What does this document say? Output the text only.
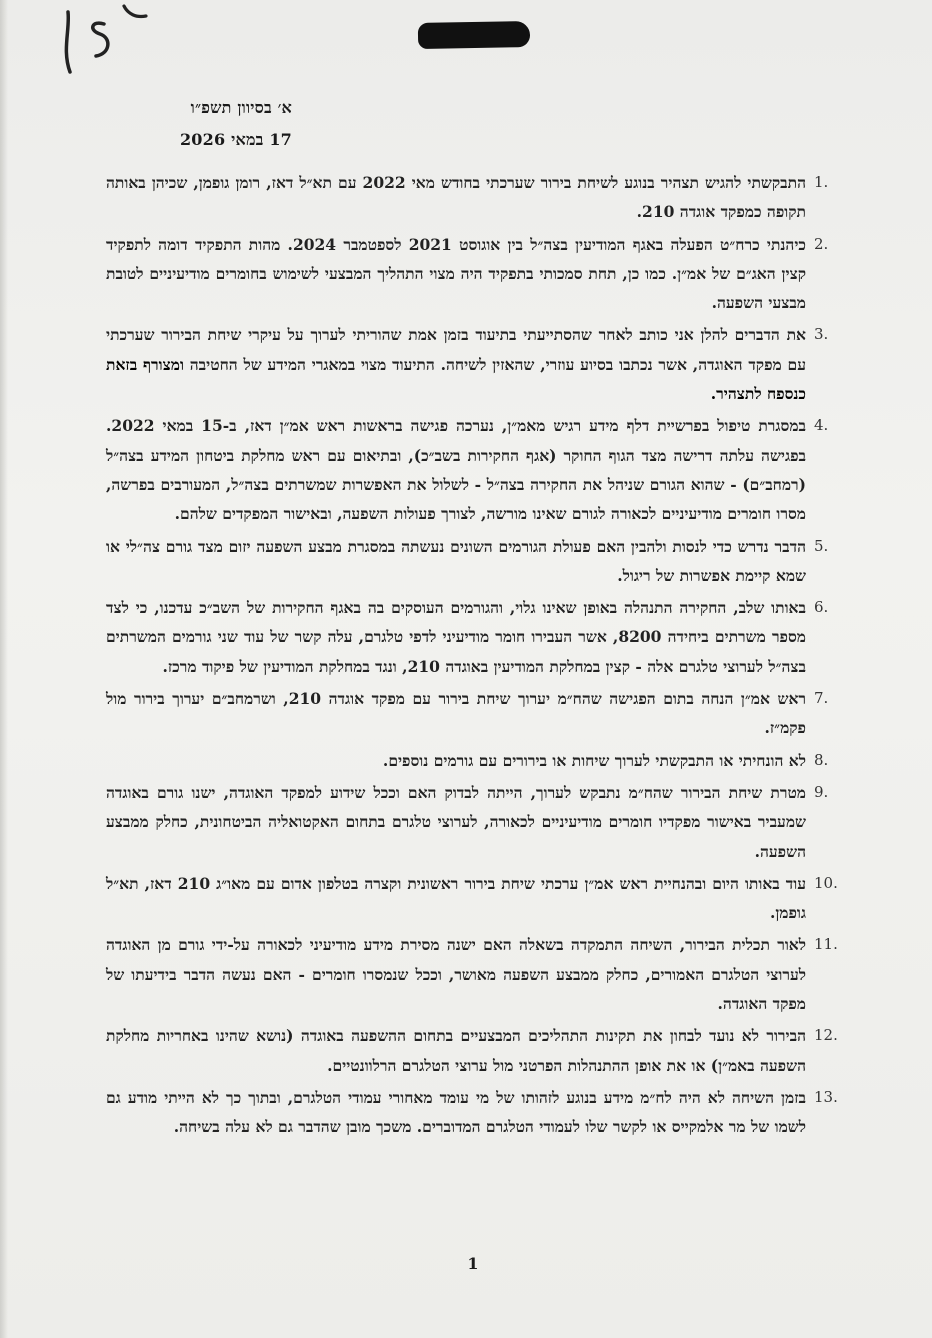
א׳ בסיוון תשפ״ו
17 במאי 2026
1.
התבקשתי להגיש תצהיר בנוגע לשיחת בירור שערכתי בחודש מאי 2022 עם תא״ל דאז, רומן גופמן, שכיהן באותה תקופה כמפקד אוגדה 210.
2.
כיהנתי כרח״ט הפעלה באגף המודיעין בצה״ל בין אוגוסט 2021 לספטמבר 2024. מהות התפקיד דומה לתפקיד קצין האג״ם של אמ״ן. כמו כן, תחת סמכותי בתפקיד היה מצוי התהליך המבצעי לשימוש בחומרים מודיעיניים לטובת מבצעי השפעה.
3.
את הדברים להלן אני כותב לאחר שהסתייעתי בתיעוד בזמן אמת שהוריתי לערוך על עיקרי שיחת הבירור שערכתי עם מפקד האוגדה, אשר נכתבו בסיוע עוזרי, שהאזין לשיחה. התיעוד מצוי במאגרי המידע של החטיבה ומצורף בזאת כנספח לתצהיר.
4.
במסגרת טיפול בפרשיית דלף מידע רגיש מאמ״ן, נערכה פגישה בראשות ראש אמ״ן דאז, ב-15 במאי 2022. בפגישה עלתה דרישה מצד הגוף החוקר (אגף החקירות בשב״כ), ובתיאום עם ראש מחלקת ביטחון המידע בצה״ל (רמחב״ם) - שהוא הגורם שניהל את החקירה בצה״ל - לשלול את האפשרות שמשרתים בצה״ל, המעורבים בפרשה, מסרו חומרים מודיעיניים לכאורה לגורם שאינו מורשה, לצורך פעולות השפעה, ובאישור המפקדים שלהם.
5.
הדבר נדרש כדי לנסות ולהבין האם פעולת הגורמים השונים נעשתה במסגרת מבצע השפעה יזום מצד גורם צה״לי או שמא קיימת אפשרות של ריגול.
6.
באותו שלב, החקירה התנהלה באופן שאינו גלוי, והגורמים העוסקים בה באגף החקירות של השב״כ עדכנו, כי לצד מספר משרתים ביחידה 8200, אשר העבירו חומר מודיעיני לדפי טלגרם, עלה קשר של עוד שני גורמים המשרתים בצה״ל לערוצי טלגרם אלה - קצין במחלקת המודיעין באוגדה 210, ונגד במחלקת המודיעין של פיקוד מרכז.
7.
ראש אמ״ן הנחה בתום הפגישה שהח״מ יערוך שיחת בירור עם מפקד אוגדה 210, ושרמחב״ם יערוך בירור מול פקמ״ז.
8.
לא הונחיתי או התבקשתי לערוך שיחות או בירורים עם גורמים נוספים.
9.
מטרת שיחת הבירור שהח״מ נתבקש לערוך, הייתה לבדוק האם וככל שידוע למפקד האוגדה, ישנו גורם באוגדה שמעביר באישור מפקדיו חומרים מודיעיניים לכאורה, לערוצי טלגרם בתחום האקטואליה הביטחונית, כחלק ממבצע השפעה.
10.
עוד באותו היום ובהנחיית ראש אמ״ן ערכתי שיחת בירור ראשונית וקצרה בטלפון אדום עם מאו״ג 210 דאז, תא״ל גופמן.
11.
לאור תכלית הבירור, השיחה התמקדה בשאלה האם ישנה מסירת מידע מודיעיני לכאורה על-ידי גורם מן האוגדה לערוצי הטלגרם האמורים, כחלק ממבצע השפעה מאושר, וככל שנמסרו חומרים - האם נעשה הדבר בידיעתו של מפקד האוגדה.
12.
הבירור לא נועד לבחון את תקינות התהליכים המבצעיים בתחום ההשפעה באוגדה (נושא שהינו באחריות מחלקת השפעה באמ״ן) או את אופן ההתנהלות הפרטני מול ערוצי הטלגרם הרלוונטיים.
13.
בזמן השיחה לא היה לח״מ מידע בנוגע לזהותו של מי עומד מאחורי עמודי הטלגרם, ובתוך כך לא הייתי מודע גם לשמו של מר אלמקייס או לקשר שלו לעמודי הטלגרם המדוברים. משכך מובן שהדבר גם לא עלה בשיחה.
1
